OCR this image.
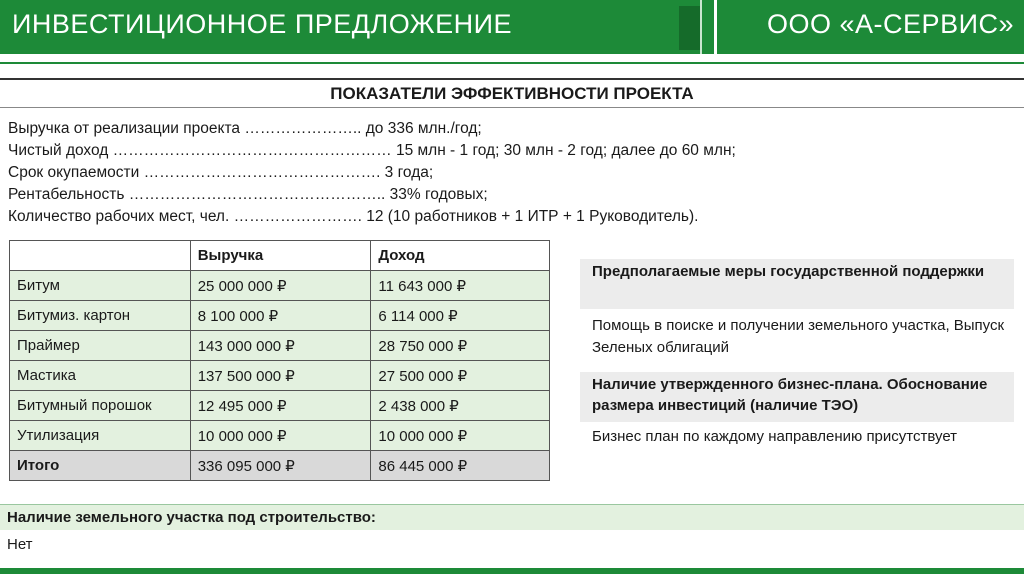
ИНВЕСТИЦИОННОЕ ПРЕДЛОЖЕНИЕ	ООО «А-СЕРВИС»
ПОКАЗАТЕЛИ ЭФФЕКТИВНОСТИ ПРОЕКТА
Выручка от реализации проекта ………………….. до 336 млн./год;
Чистый доход ……………………………………………… 15 млн - 1 год; 30 млн - 2 год; далее до 60 млн;
Срок окупаемости ………………………………………. 3 года;
Рентабельность ………………………………………….. 33% годовых;
Количество рабочих мест, чел. ……………………. 12 (10 работников + 1 ИТР + 1 Руководитель).
	Выручка	Доход
Битум	25 000 000 ₽	11 643 000 ₽
Битумиз. картон	8 100 000 ₽	6 114 000 ₽
Праймер	143 000 000 ₽	28 750 000 ₽
Мастика	137 500 000 ₽	27 500 000 ₽
Битумный порошок	12 495 000 ₽	2 438 000 ₽
Утилизация	10 000 000 ₽	10 000 000 ₽
Итого	336 095 000 ₽	86 445 000 ₽
Предполагаемые меры государственной поддержки
Помощь в поиске и получении земельного участка, Выпуск Зеленых облигаций
Наличие утвержденного бизнес-плана. Обоснование размера инвестиций (наличие ТЭО)
Бизнес план по каждому направлению присутствует
Наличие земельного участка под строительство:
Нет
